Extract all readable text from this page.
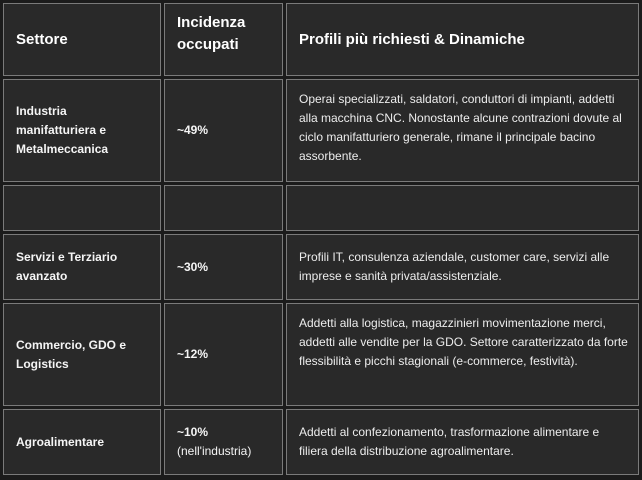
Settore
Incidenza occupati	Profili più richiesti & Dinamiche
Industria manifatturiera e Metalmeccanica
~49%
Operai specializzati, saldatori, conduttori di impianti, addetti alla macchina CNC. Nonostante alcune contrazioni dovute al ciclo manifatturiero generale, rimane il principale bacino assorbente.
Servizi e Terziario avanzato
~30%
Profili IT, consulenza aziendale, customer care, servizi alle imprese e sanità privata/assistenziale.
Commercio, GDO e Logistics
~12%
Addetti alla logistica, magazzinieri movimentazione merci, addetti alle vendite per la GDO. Settore caratterizzato da forte flessibilità e picchi stagionali (e-commerce, festività).
Agroalimentare
~10%
(nell'industria)
Addetti al confezionamento, trasformazione alimentare e filiera della distribuzione agroalimentare.
